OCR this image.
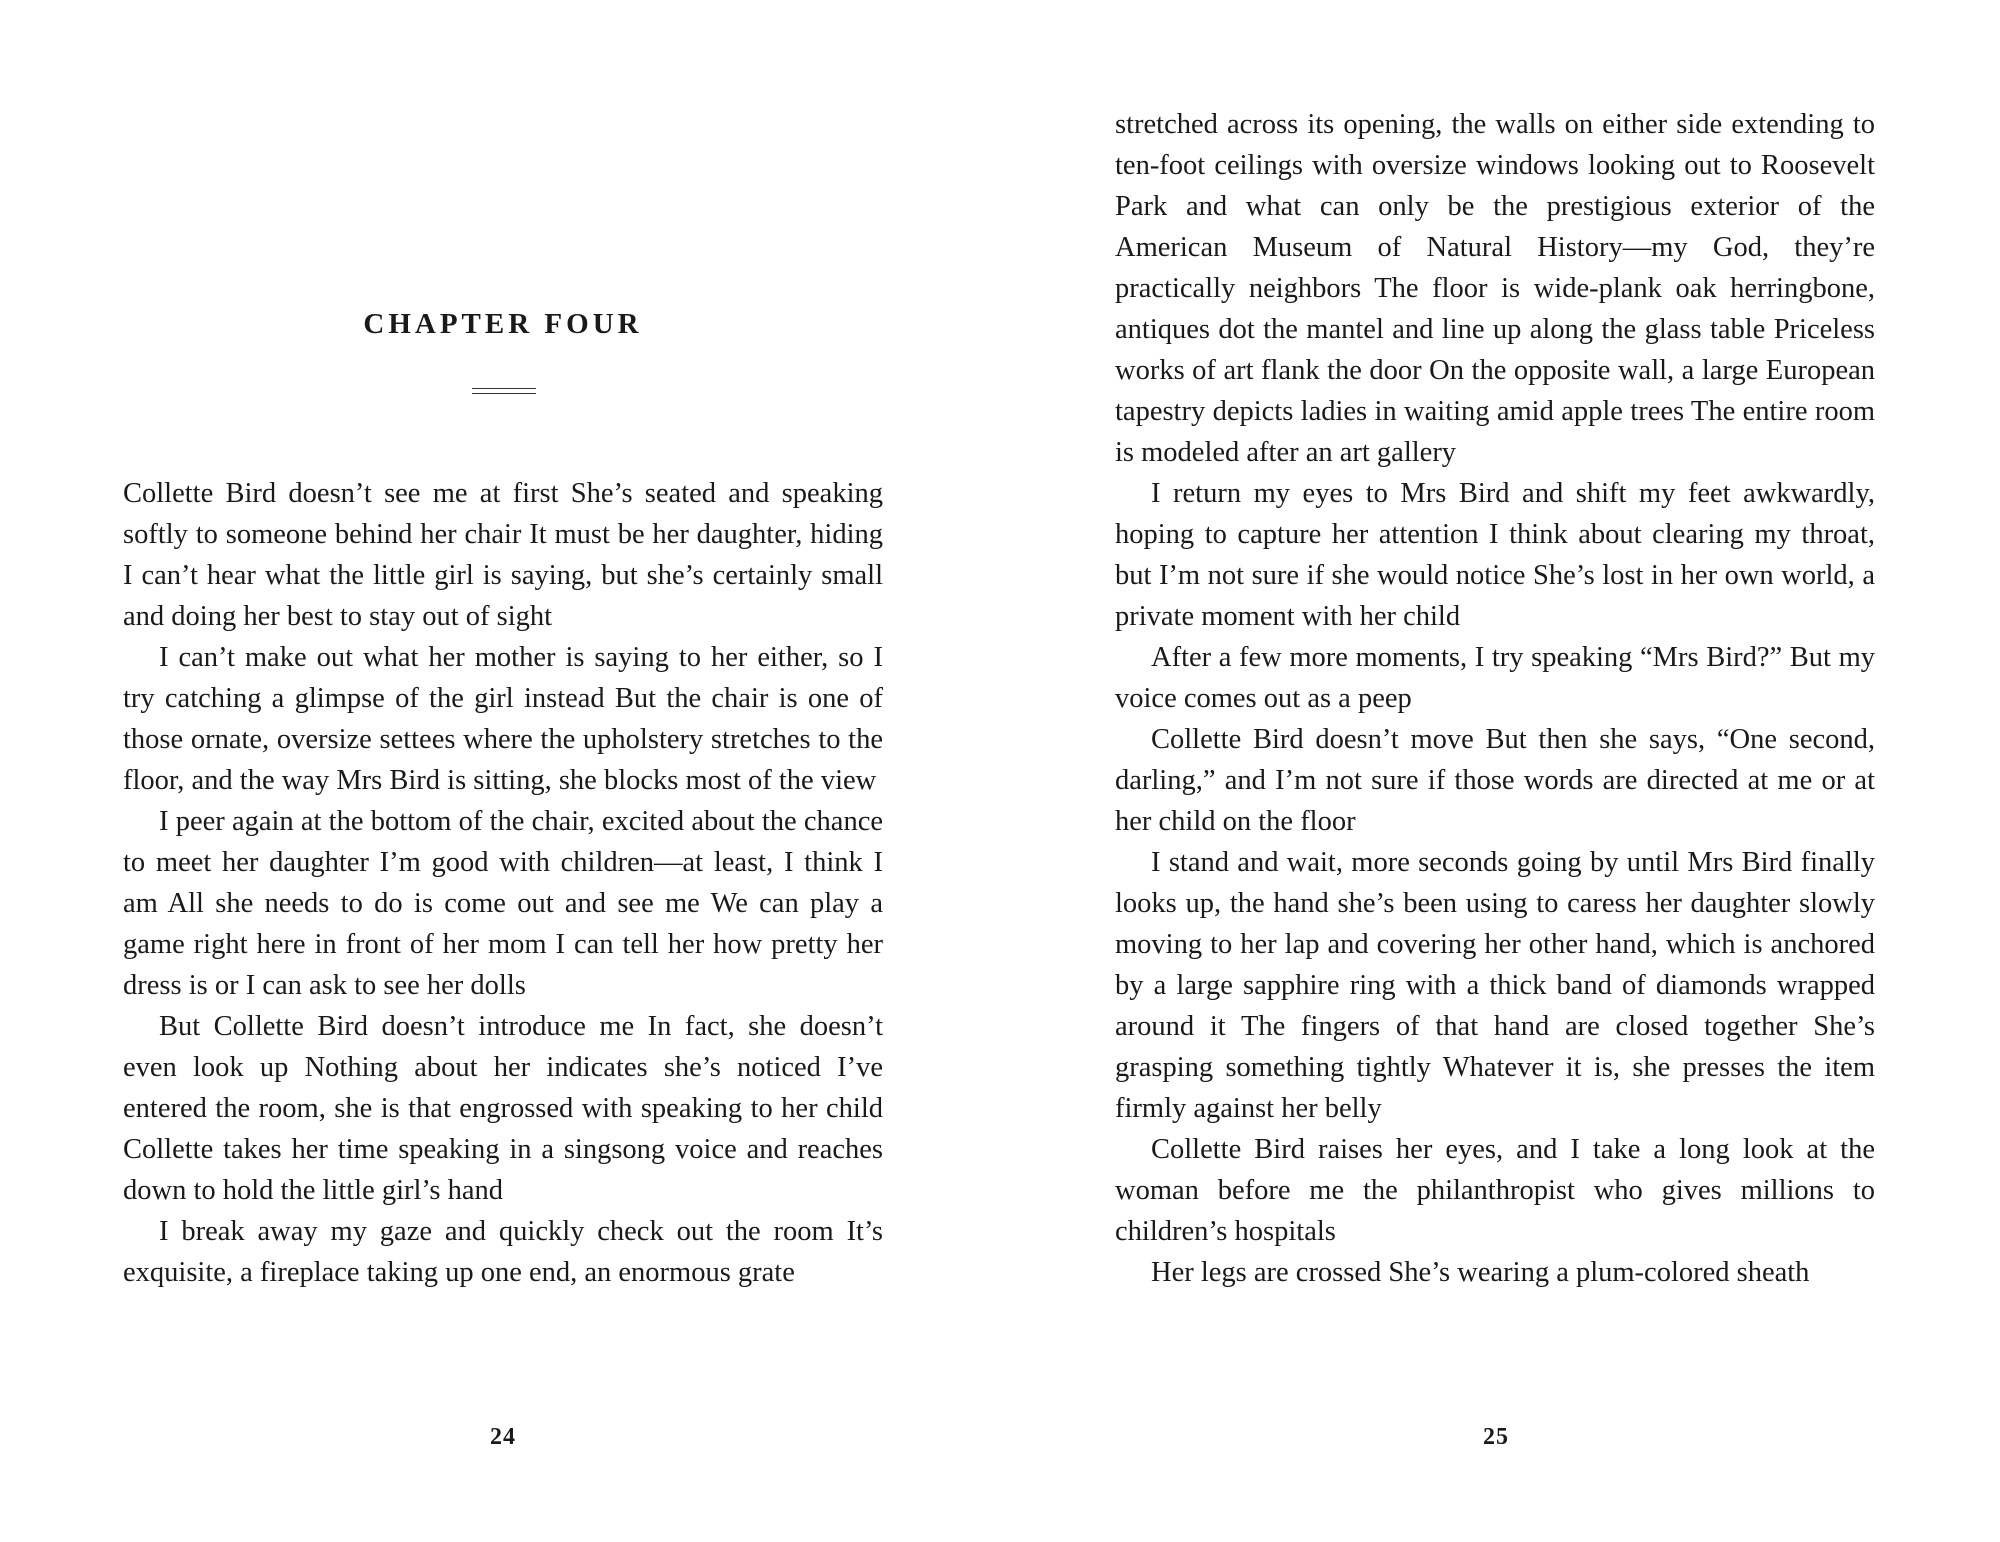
CHAPTER FOUR

Collette Bird doesn’t see me at first She’s seated and speaking softly to someone behind her chair It must be her daughter, hiding I can’t hear what the little girl is saying, but she’s certainly small and doing her best to stay out of sight

I can’t make out what her mother is saying to her either, so I try catching a glimpse of the girl instead But the chair is one of those ornate, oversize settees where the upholstery stretches to the floor, and the way Mrs Bird is sitting, she blocks most of the view

I peer again at the bottom of the chair, excited about the chance to meet her daughter I’m good with children—at least, I think I am All she needs to do is come out and see me We can play a game right here in front of her mom I can tell her how pretty her dress is or I can ask to see her dolls

But Collette Bird doesn’t introduce me In fact, she doesn’t even look up Nothing about her indicates she’s noticed I’ve entered the room, she is that engrossed with speaking to her child Collette takes her time speaking in a singsong voice and reaches down to hold the little girl’s hand

I break away my gaze and quickly check out the room It’s exquisite, a fireplace taking up one end, an enormous grate

24

stretched across its opening, the walls on either side extending to ten-foot ceilings with oversize windows looking out to Roosevelt Park and what can only be the prestigious exterior of the American Museum of Natural History—my God, they’re practically neighbors The floor is wide-plank oak herringbone, antiques dot the mantel and line up along the glass table Priceless works of art flank the door On the opposite wall, a large European tapestry depicts ladies in waiting amid apple trees The entire room is modeled after an art gallery

I return my eyes to Mrs Bird and shift my feet awkwardly, hoping to capture her attention I think about clearing my throat, but I’m not sure if she would notice She’s lost in her own world, a private moment with her child

After a few more moments, I try speaking “Mrs Bird?” But my voice comes out as a peep

Collette Bird doesn’t move But then she says, “One second, darling,” and I’m not sure if those words are directed at me or at her child on the floor

I stand and wait, more seconds going by until Mrs Bird finally looks up, the hand she’s been using to caress her daughter slowly moving to her lap and covering her other hand, which is anchored by a large sapphire ring with a thick band of diamonds wrapped around it The fingers of that hand are closed together She’s grasping something tightly Whatever it is, she presses the item firmly against her belly

Collette Bird raises her eyes, and I take a long look at the woman before me the philanthropist who gives millions to children’s hospitals

Her legs are crossed She’s wearing a plum-colored sheath

25
